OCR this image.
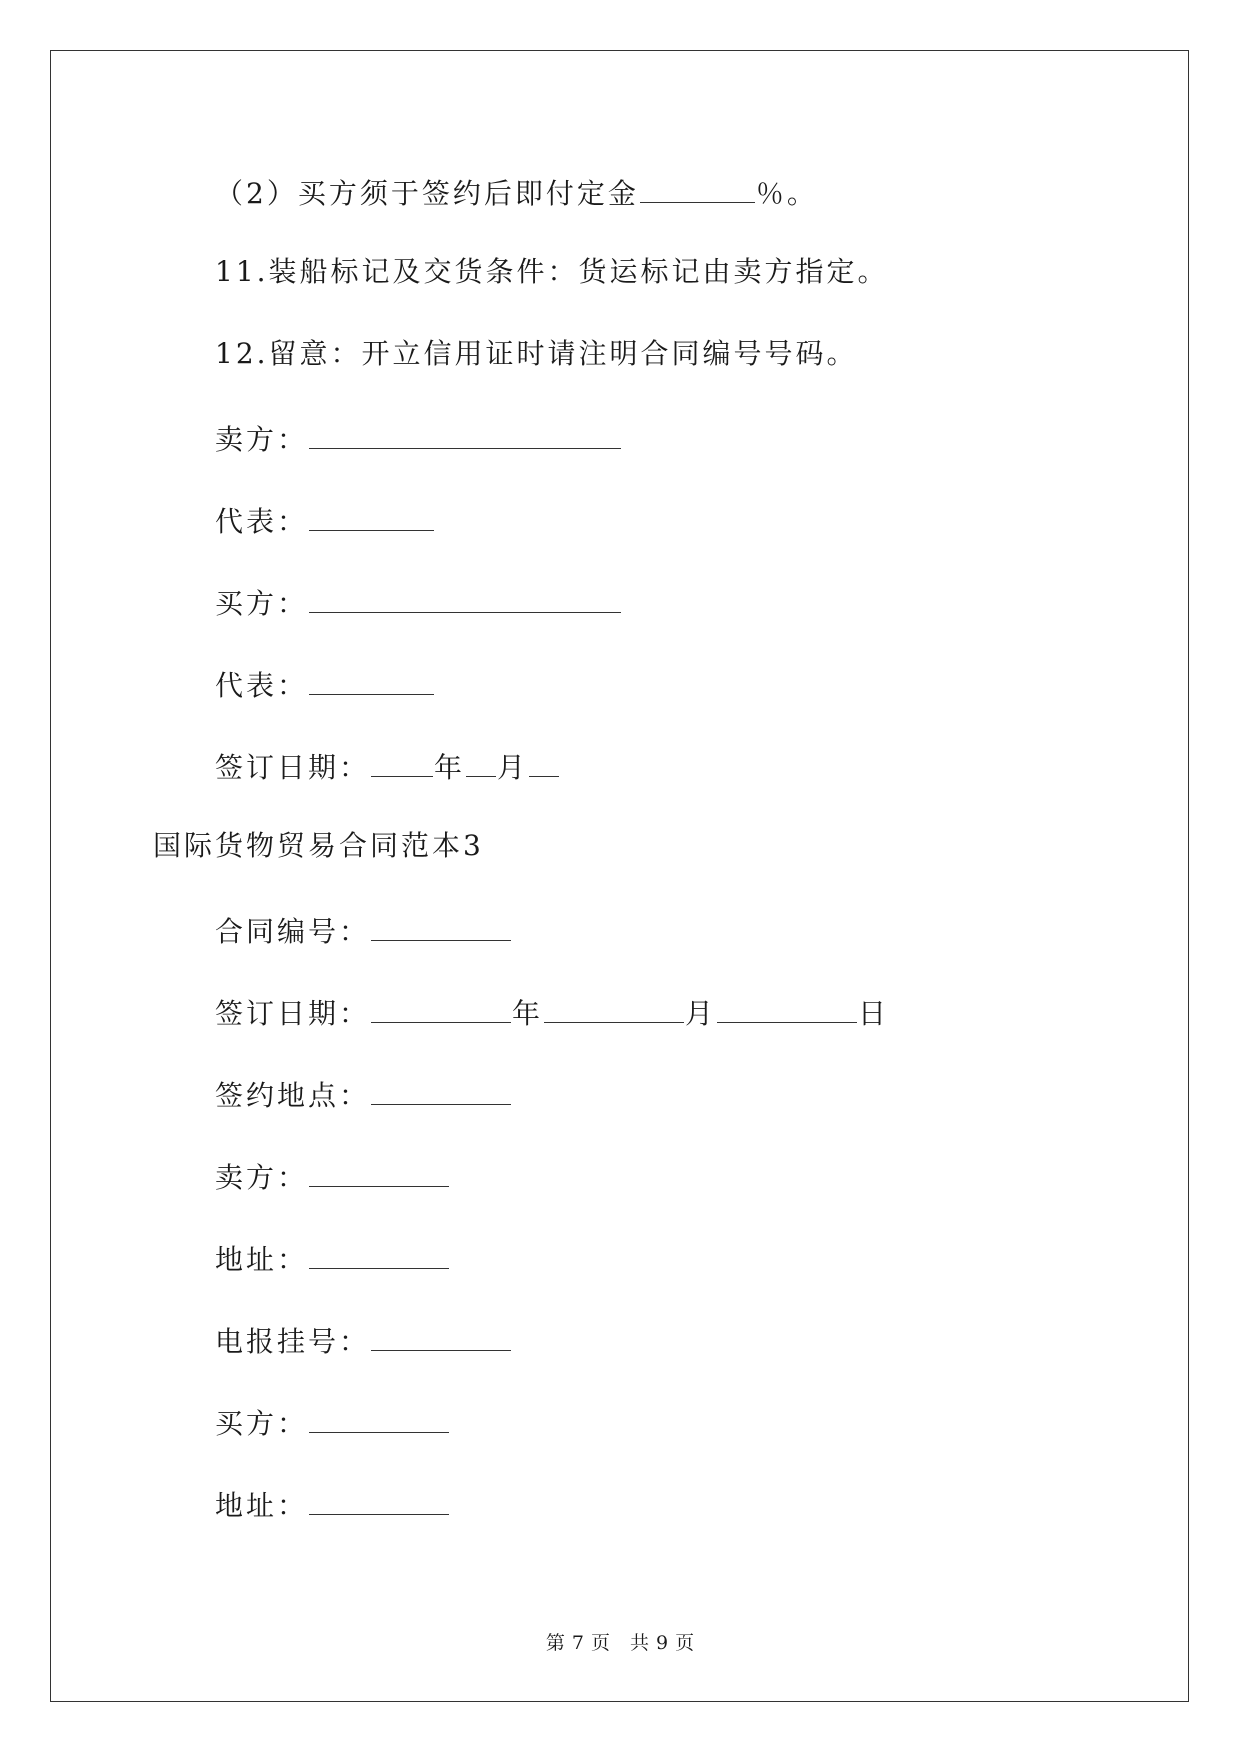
（2）买方须于签约后即付定金	％。
11.装船标记及交货条件：货运标记由卖方指定。
12.留意：开立信用证时请注明合同编号号码。
卖方：
代表：
买方：
代表：
签订日期： 年 月
国际货物贸易合同范本3
合同编号：
签订日期：	年	月	日
签约地点：
卖方：
地址：
电报挂号：
买方：
地址：
第 7 页 共 9 页
